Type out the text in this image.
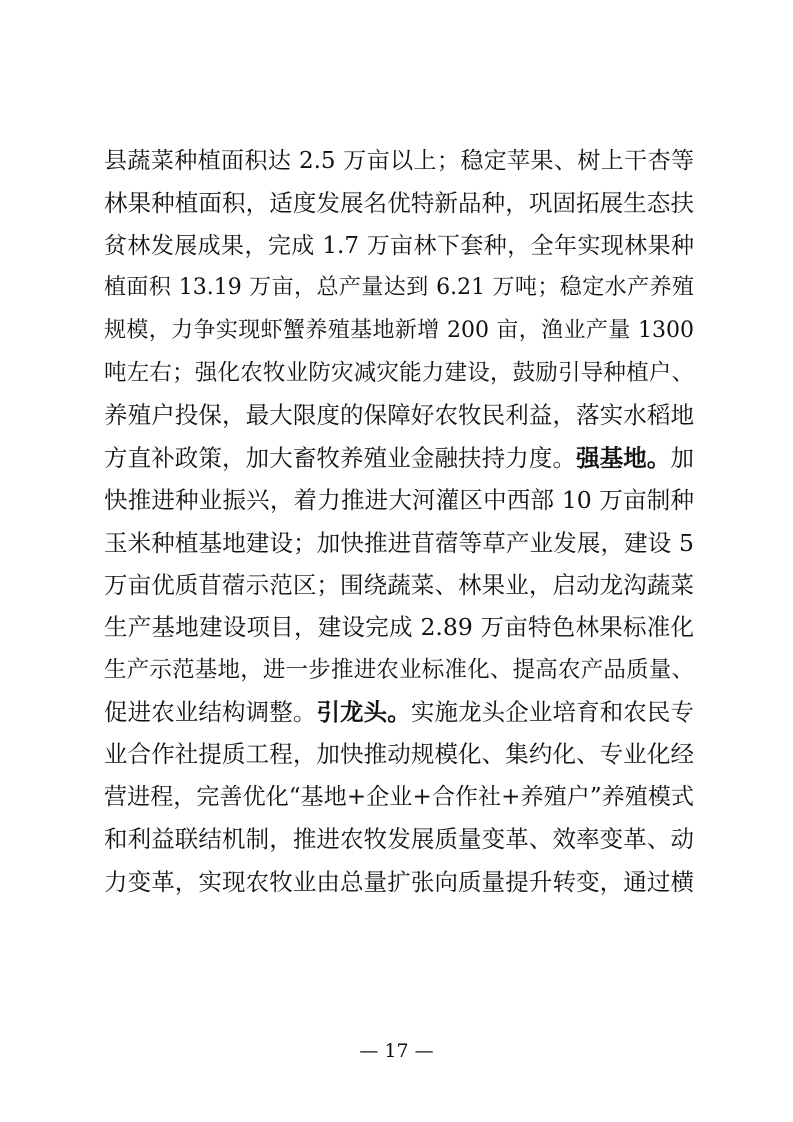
县蔬菜种植面积达 2.5 万亩以上；稳定苹果、树上干杏等
林果种植面积，适度发展名优特新品种，巩固拓展生态扶
贫林发展成果，完成 1.7 万亩林下套种，全年实现林果种
植面积 13.19 万亩，总产量达到 6.21 万吨；稳定水产养殖
规模，力争实现虾蟹养殖基地新增 200 亩，渔业产量 1300
吨左右；强化农牧业防灾减灾能力建设，鼓励引导种植户、
养殖户投保，最大限度的保障好农牧民利益，落实水稻地
方直补政策，加大畜牧养殖业金融扶持力度。强基地。加
快推进种业振兴，着力推进大河灌区中西部 10 万亩制种
玉米种植基地建设；加快推进苜蓿等草产业发展，建设 5
万亩优质苜蓿示范区；围绕蔬菜、林果业，启动龙沟蔬菜
生产基地建设项目，建设完成 2.89 万亩特色林果标准化
生产示范基地，进一步推进农业标准化、提高农产品质量、
促进农业结构调整。引龙头。实施龙头企业培育和农民专
业合作社提质工程，加快推动规模化、集约化、专业化经
营进程，完善优化“基地+企业+合作社+养殖户”养殖模式
和利益联结机制，推进农牧发展质量变革、效率变革、动
力变革，实现农牧业由总量扩张向质量提升转变，通过横
— 17 —
